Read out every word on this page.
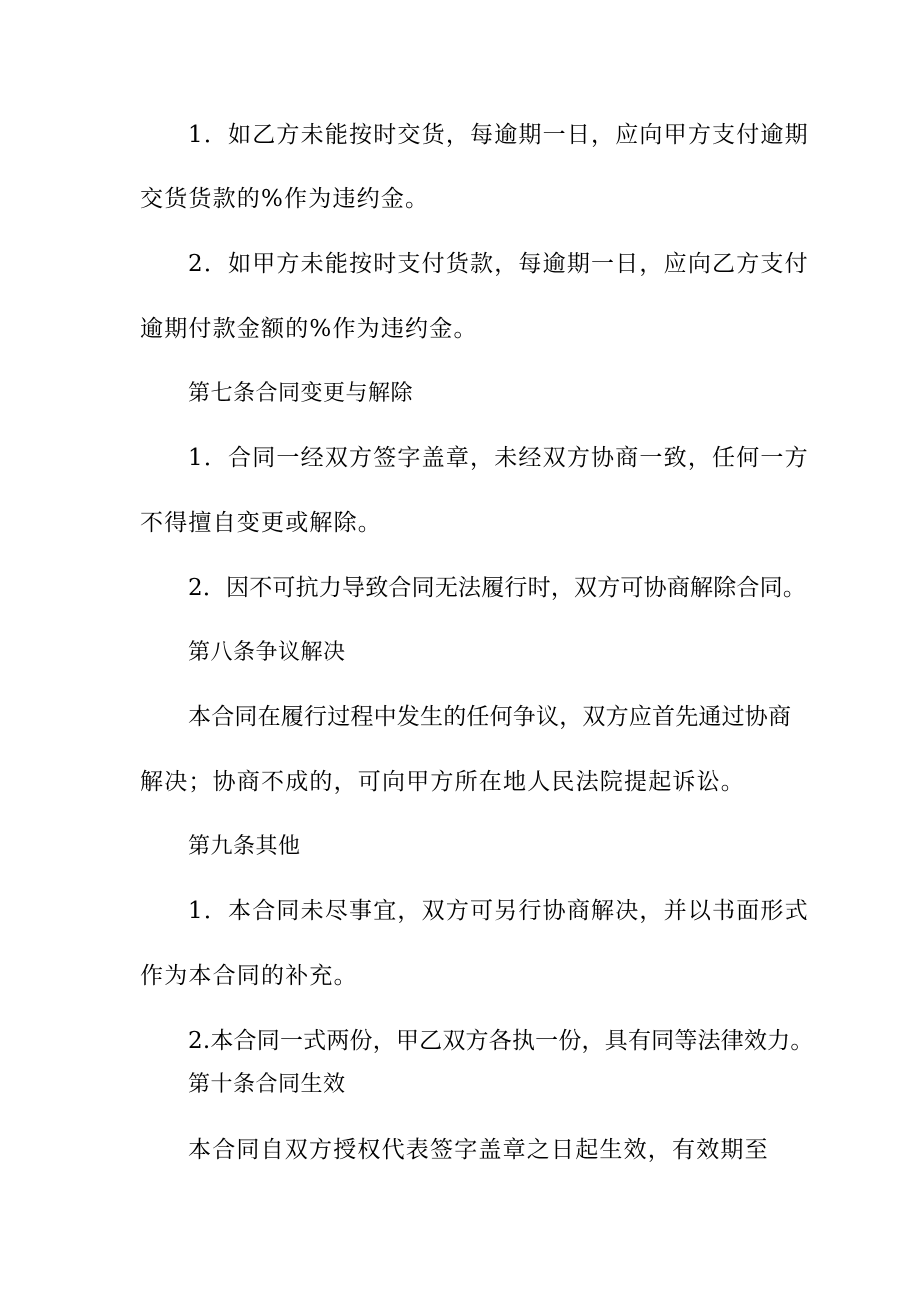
1．如乙方未能按时交货，每逾期一日，应向甲方支付逾期

交货货款的%作为违约金。

2．如甲方未能按时支付货款，每逾期一日，应向乙方支付

逾期付款金额的%作为违约金。

第七条合同变更与解除

1．合同一经双方签字盖章，未经双方协商一致，任何一方

不得擅自变更或解除。

2．因不可抗力导致合同无法履行时，双方可协商解除合同。

第八条争议解决

本合同在履行过程中发生的任何争议，双方应首先通过协商

解决；协商不成的，可向甲方所在地人民法院提起诉讼。

第九条其他

1．本合同未尽事宜，双方可另行协商解决，并以书面形式

作为本合同的补充。

2.本合同一式两份，甲乙双方各执一份，具有同等法律效力。

第十条合同生效

本合同自双方授权代表签字盖章之日起生效，有效期至
